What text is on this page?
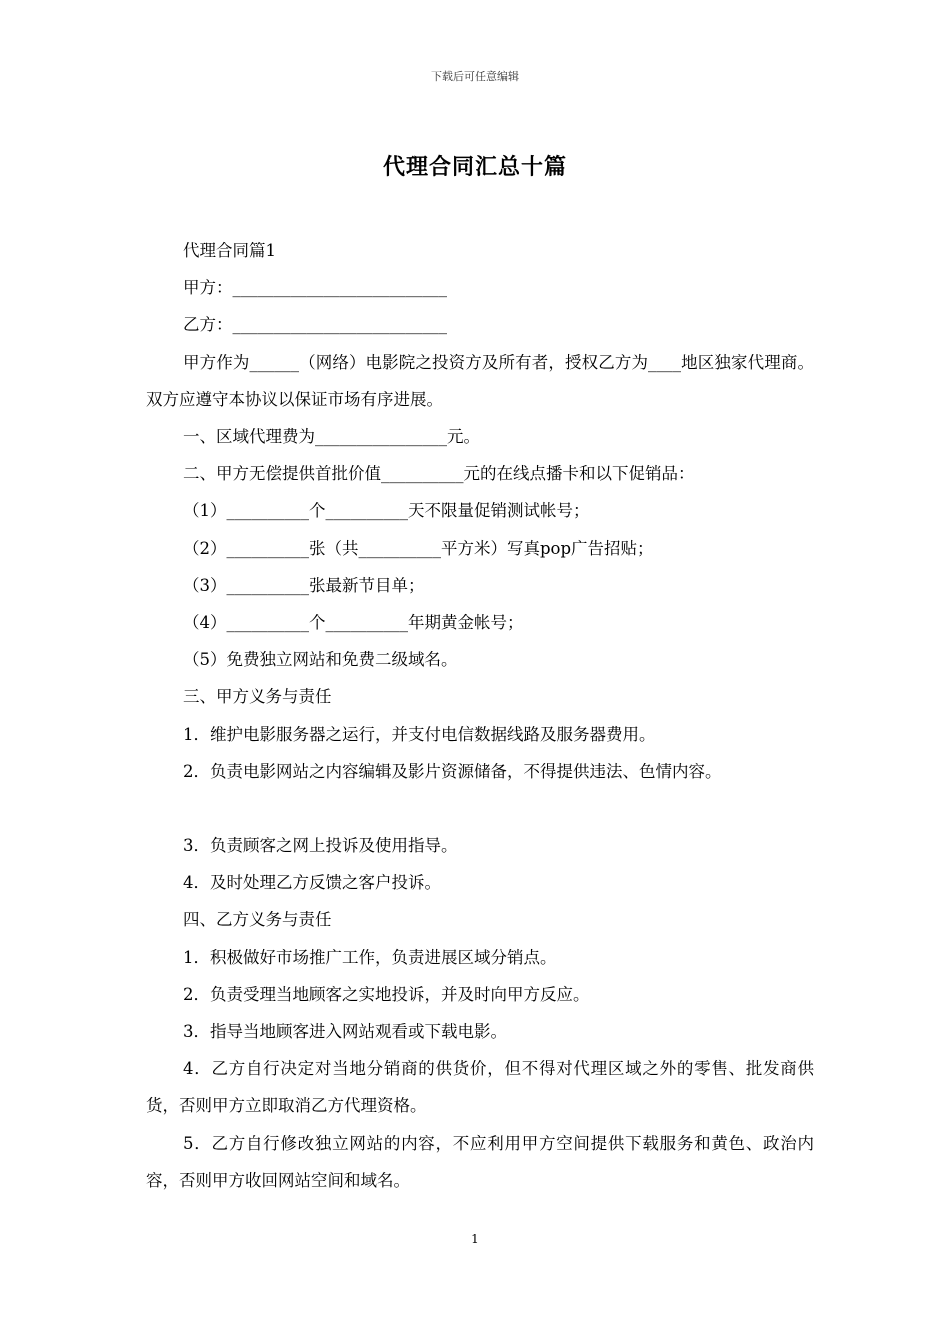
下载后可任意编辑
代理合同汇总十篇

代理合同篇1

甲方：__________________________

乙方：__________________________

甲方作为______（网络）电影院之投资方及所有者，授权乙方为____地区独家代理商。双方应遵守本协议以保证市场有序进展。

一、区域代理费为________________元。

二、甲方无偿提供首批价值__________元的在线点播卡和以下促销品：

（1）__________个__________天不限量促销测试帐号；

（2）__________张（共__________平方米）写真pop广告招贴；

（3）__________张最新节目单；

（4）__________个__________年期黄金帐号；

（5）免费独立网站和免费二级域名。

三、甲方义务与责任

1．维护电影服务器之运行，并支付电信数据线路及服务器费用。

2．负责电影网站之内容编辑及影片资源储备，不得提供违法、色情内容。

3．负责顾客之网上投诉及使用指导。

4．及时处理乙方反馈之客户投诉。

四、乙方义务与责任

1．积极做好市场推广工作，负责进展区域分销点。

2．负责受理当地顾客之实地投诉，并及时向甲方反应。

3．指导当地顾客进入网站观看或下载电影。

4．乙方自行决定对当地分销商的供货价，但不得对代理区域之外的零售、批发商供货，否则甲方立即取消乙方代理资格。

5．乙方自行修改独立网站的内容，不应利用甲方空间提供下载服务和黄色、政治内容，否则甲方收回网站空间和域名。

1
